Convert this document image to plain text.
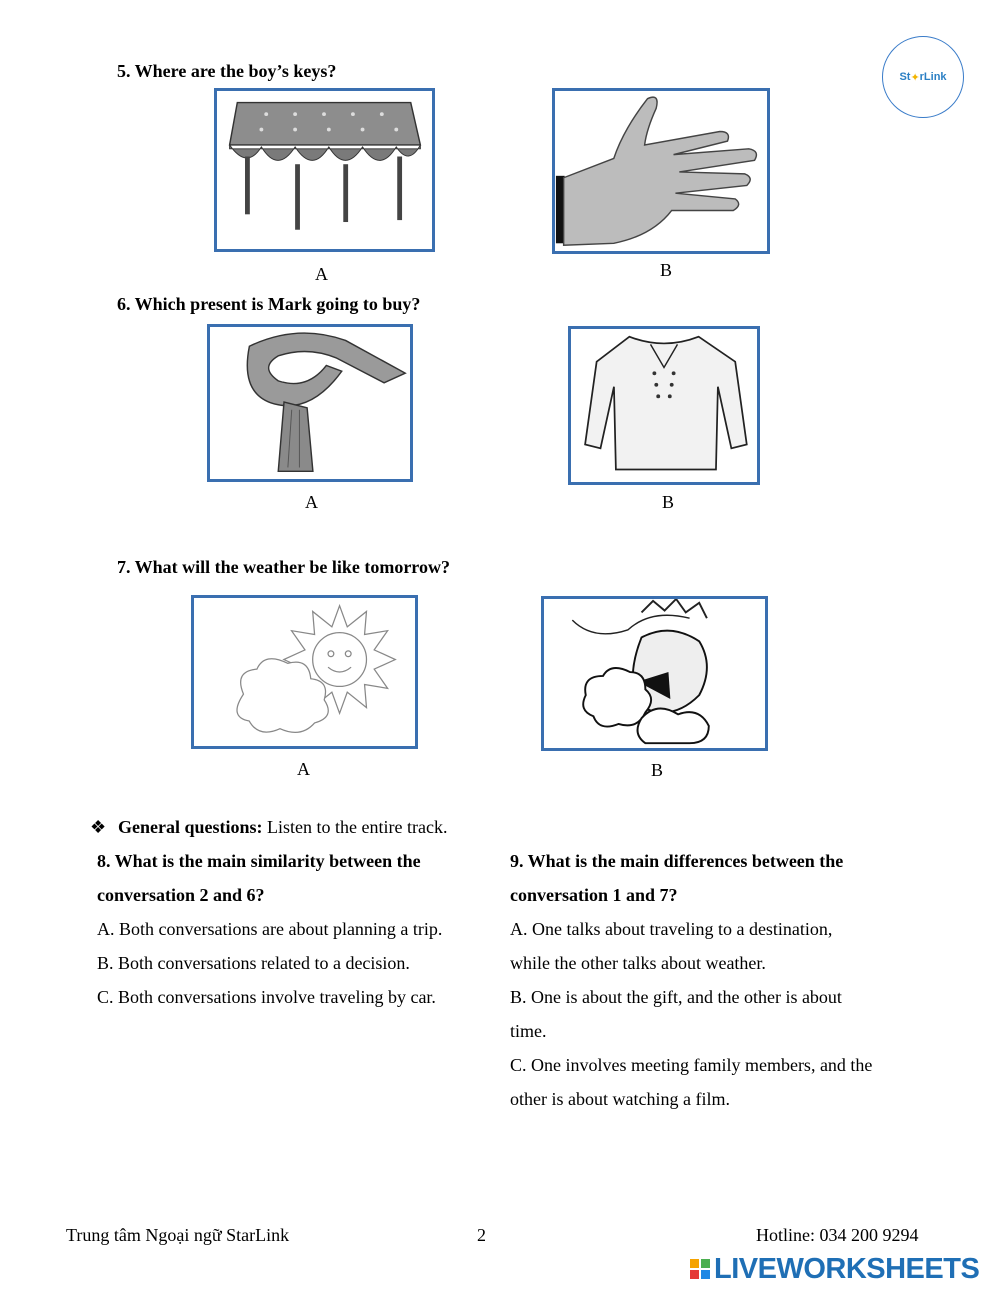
St ✦ rLink
5. Where are the boy’s keys?
A	B
6. Which present is Mark going to buy?
A	B
7. What will the weather be like tomorrow?
A	B
❖ General questions: Listen to the entire track.
8. What is the main similarity between the
conversation 2 and 6?
A. Both conversations are about planning a trip.
B. Both conversations related to a decision.
C. Both conversations involve traveling by car.
9. What is the main differences between the
conversation 1 and 7?
A. One talks about traveling to a destination,
while the other talks about weather.
B. One is about the gift, and the other is about
time.
C. One involves meeting family members, and the
other is about watching a film.
Trung tâm Ngoại ngữ StarLink	2	Hotline: 034 200 9294
LIVEWORKSHEETS
